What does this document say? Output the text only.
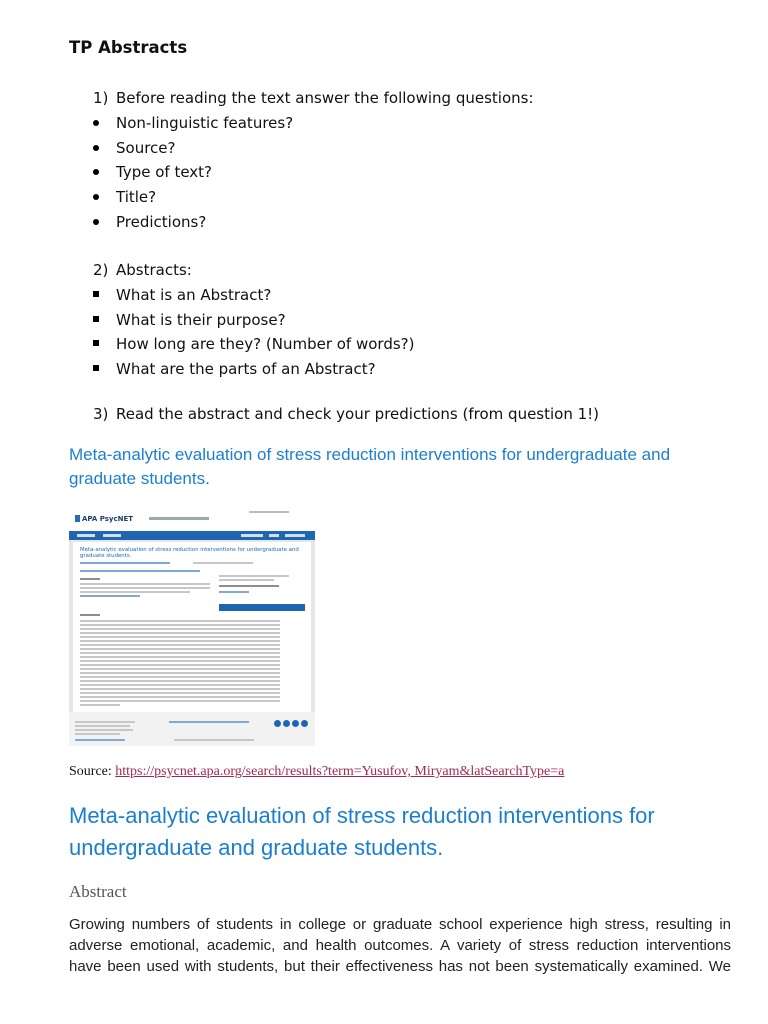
TP Abstracts
1) Before reading the text answer the following questions:
Non-linguistic features?
Source?
Type of text?
Title?
Predictions?
2) Abstracts:
What is an Abstract?
What is their purpose?
How long are they? (Number of words?)
What are the parts of an Abstract?
3) Read the abstract and check your predictions (from question 1!)
Meta-analytic evaluation of stress reduction interventions for undergraduate and graduate students.
APA PsycNET
Meta-analytic evaluation of stress reduction interventions for undergraduate and graduate students.
Source: https://psycnet.apa.org/search/results?term=Yusufov, Miryam&latSearchType=a
Meta-analytic evaluation of stress reduction interventions for undergraduate and graduate students.
Abstract
Growing numbers of students in college or graduate school experience high stress, resulting in
adverse emotional, academic, and health outcomes. A variety of stress reduction interventions
have been used with students, but their effectiveness has not been systematically examined. We
